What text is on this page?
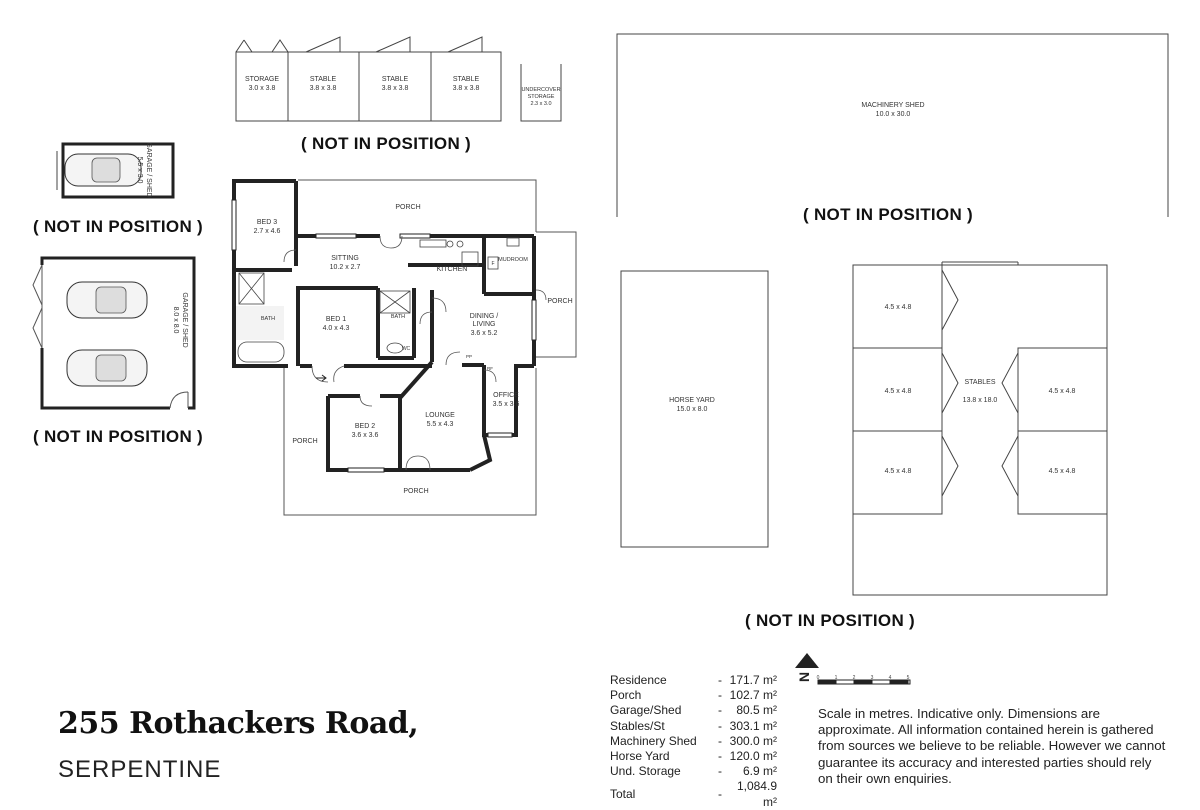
STORAGE
3.0 x 3.8
STABLE
3.8 x 3.8
STABLE
3.8 x 3.8
STABLE
3.8 x 3.8	UNDERCOVER
STORAGE
2.3 x 3.0
( NOT IN POSITION )
GARAGE / SHED
5.5 x 3.0
( NOT IN POSITION )
GARAGE / SHED
8.0 x 8.0
( NOT IN POSITION )
MACHINERY SHED
10.0 x 30.0
( NOT IN POSITION )
HORSE YARD
15.0 x 8.0
4.5 x 4.8
4.5 x 4.8
4.5 x 4.8
4.5 x 4.8
4.5 x 4.8
STABLES
13.8 x 18.0
( NOT IN POSITION )
BED 3
2.7 x 4.6
PORCH
SITTING
10.2 x 2.7	KITCHEN
MUDROOM
F
PORCH
BATH	BED 1
4.0 x 4.3
BATH
WC
DINING /
LIVING
3.6 x 5.2
PP
RF
OFFICE
3.5 x 3.6
LOUNGE
5.5 x 4.3
BED 2
3.6 x 3.6
PORCH
PORCH
N 0	1	2	3	4	5
255 Rothackers Road,
SERPENTINE
Residence	-	171.7 m²
Porch	-	102.7 m²
Garage/Shed	-	80.5 m²
Stables/St	-	303.1 m²
Machinery Shed	-	300.0 m²
Horse Yard	-	120.0 m²
Und. Storage	-	6.9 m²
Total	-	1,084.9 m²
Scale in metres. Indicative only. Dimensions are approximate. All information contained herein is gathered from sources we believe to be reliable. However we cannot guarantee its accuracy and interested parties should rely on their own enquiries.
